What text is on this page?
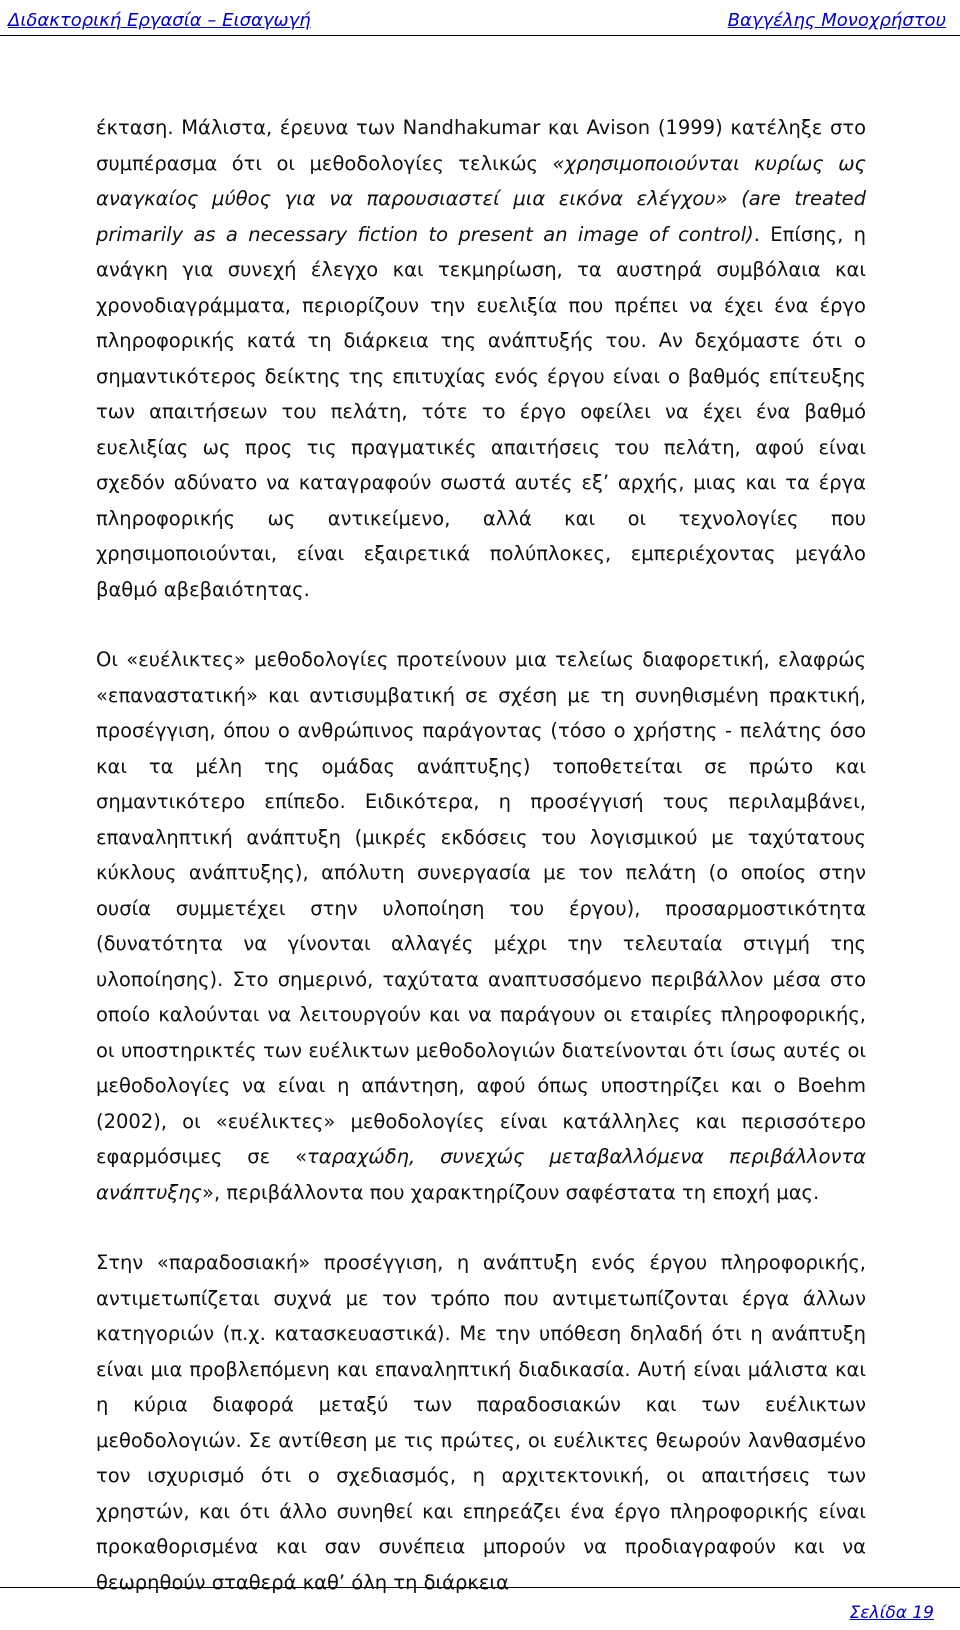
Διδακτορική Εργασία – Εισαγωγή	Βαγγέλης Μονοχρήστου

έκταση. Μάλιστα, έρευνα των Nandhakumar και Avison (1999) κατέληξε στο συμπέρασμα ότι οι μεθοδολογίες τελικώς «χρησιμοποιούνται κυρίως ως αναγκαίος μύθος για να παρουσιαστεί μια εικόνα ελέγχου» (are treated primarily as a necessary fiction to present an image of control). Επίσης, η ανάγκη για συνεχή έλεγχο και τεκμηρίωση, τα αυστηρά συμβόλαια και χρονοδιαγράμματα, περιορίζουν την ευελιξία που πρέπει να έχει ένα έργο πληροφορικής κατά τη διάρκεια της ανάπτυξής του. Αν δεχόμαστε ότι ο σημαντικότερος δείκτης της επιτυχίας ενός έργου είναι ο βαθμός επίτευξης των απαιτήσεων του πελάτη, τότε το έργο οφείλει να έχει ένα βαθμό ευελιξίας ως προς τις πραγματικές απαιτήσεις του πελάτη, αφού είναι σχεδόν αδύνατο να καταγραφούν σωστά αυτές εξ’ αρχής, μιας και τα έργα πληροφορικής ως αντικείμενο, αλλά και οι τεχνολογίες που χρησιμοποιούνται, είναι εξαιρετικά πολύπλοκες, εμπεριέχοντας μεγάλο βαθμό αβεβαιότητας.

Οι «ευέλικτες» μεθοδολογίες προτείνουν μια τελείως διαφορετική, ελαφρώς «επαναστατική» και αντισυμβατική σε σχέση με τη συνηθισμένη πρακτική, προσέγγιση, όπου ο ανθρώπινος παράγοντας (τόσο ο χρήστης - πελάτης όσο και τα μέλη της ομάδας ανάπτυξης) τοποθετείται σε πρώτο και σημαντικότερο επίπεδο. Ειδικότερα, η προσέγγισή τους περιλαμβάνει, επαναληπτική ανάπτυξη (μικρές εκδόσεις του λογισμικού με ταχύτατους κύκλους ανάπτυξης), απόλυτη συνεργασία με τον πελάτη (ο οποίος στην ουσία συμμετέχει στην υλοποίηση του έργου), προσαρμοστικότητα (δυνατότητα να γίνονται αλλαγές μέχρι την τελευταία στιγμή της υλοποίησης). Στο σημερινό, ταχύτατα αναπτυσσόμενο περιβάλλον μέσα στο οποίο καλούνται να λειτουργούν και να παράγουν οι εταιρίες πληροφορικής, οι υποστηρικτές των ευέλικτων μεθοδολογιών διατείνονται ότι ίσως αυτές οι μεθοδολογίες να είναι η απάντηση, αφού όπως υποστηρίζει και ο Boehm (2002), οι «ευέλικτες» μεθοδολογίες είναι κατάλληλες και περισσότερο εφαρμόσιμες σε «ταραχώδη, συνεχώς μεταβαλλόμενα περιβάλλοντα ανάπτυξης», περιβάλλοντα που χαρακτηρίζουν σαφέστατα τη εποχή μας.

Στην «παραδοσιακή» προσέγγιση, η ανάπτυξη ενός έργου πληροφορικής, αντιμετωπίζεται συχνά με τον τρόπο που αντιμετωπίζονται έργα άλλων κατηγοριών (π.χ. κατασκευαστικά). Με την υπόθεση δηλαδή ότι η ανάπτυξη είναι μια προβλεπόμενη και επαναληπτική διαδικασία. Αυτή είναι μάλιστα και η κύρια διαφορά μεταξύ των παραδοσιακών και των ευέλικτων μεθοδολογιών. Σε αντίθεση με τις πρώτες, οι ευέλικτες θεωρούν λανθασμένο τον ισχυρισμό ότι ο σχεδιασμός, η αρχιτεκτονική, οι απαιτήσεις των χρηστών, και ότι άλλο συνηθεί και επηρεάζει ένα έργο πληροφορικής είναι προκαθορισμένα και σαν συνέπεια μπορούν να προδιαγραφούν και να θεωρηθούν σταθερά καθ’ όλη τη διάρκεια

Σελίδα 19
